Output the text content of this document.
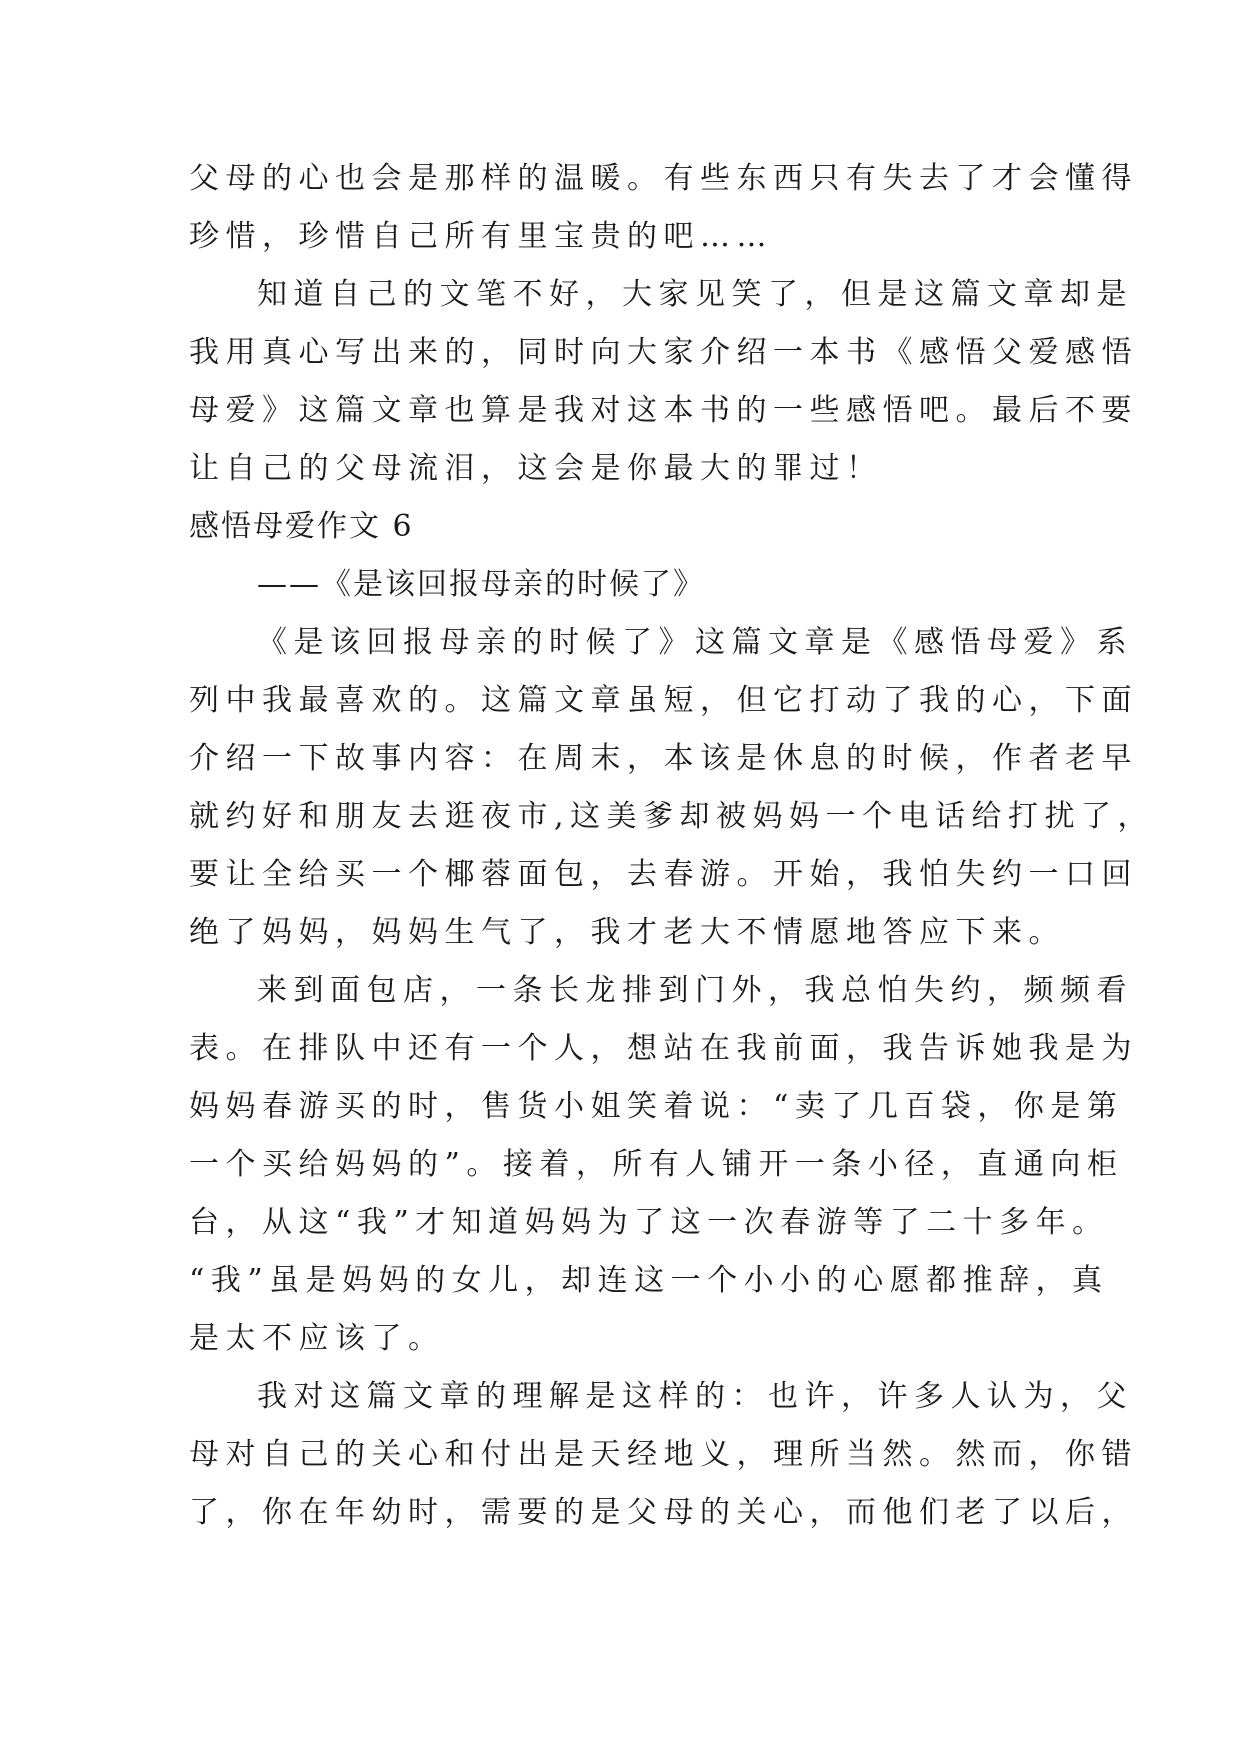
父母的心也会是那样的温暖。有些东西只有失去了才会懂得
珍惜，珍惜自己所有里宝贵的吧……
知道自己的文笔不好，大家见笑了，但是这篇文章却是
我用真心写出来的，同时向大家介绍一本书《感悟父爱感悟
母爱》这篇文章也算是我对这本书的一些感悟吧。最后不要
让自己的父母流泪，这会是你最大的罪过！
感悟母爱作文 6
——《是该回报母亲的时候了》
《是该回报母亲的时候了》这篇文章是《感悟母爱》系
列中我最喜欢的。这篇文章虽短，但它打动了我的心，下面
介绍一下故事内容：在周末，本该是休息的时候，作者老早
就约好和朋友去逛夜市,这美爹却被妈妈一个电话给打扰了，
要让全给买一个椰蓉面包，去春游。开始，我怕失约一口回
绝了妈妈，妈妈生气了，我才老大不情愿地答应下来。
来到面包店，一条长龙排到门外，我总怕失约，频频看
表。在排队中还有一个人，想站在我前面，我告诉她我是为
妈妈春游买的时，售货小姐笑着说：“卖了几百袋，你是第
一个买给妈妈的”。接着，所有人铺开一条小径，直通向柜
台，从这“我”才知道妈妈为了这一次春游等了二十多年。
“我”虽是妈妈的女儿，却连这一个小小的心愿都推辞，真
是太不应该了。
我对这篇文章的理解是这样的：也许，许多人认为，父
母对自己的关心和付出是天经地义，理所当然。然而，你错
了，你在年幼时，需要的是父母的关心，而他们老了以后，
